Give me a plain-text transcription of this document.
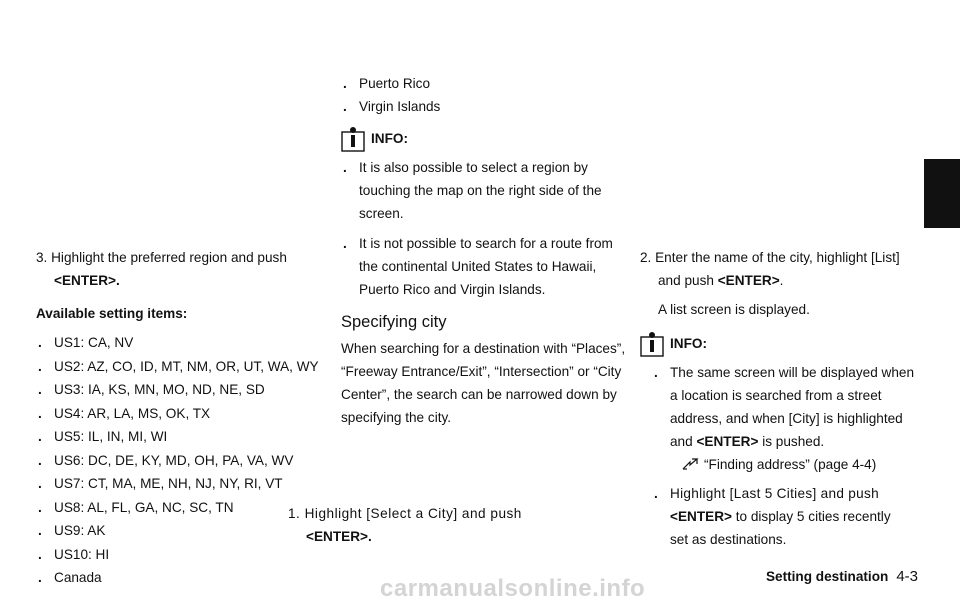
3. Highlight the preferred region and push

<ENTER>.

Available setting items:

. US1: CA, NV
. US2: AZ, CO, ID, MT, NM, OR, UT, WA, WY
. US3: IA, KS, MN, MO, ND, NE, SD
. US4: AR, LA, MS, OK, TX
. US5: IL, IN, MI, WI
. US6: DC, DE, KY, MD, OH, PA, VA, WV
. US7: CT, MA, ME, NH, NJ, NY, RI, VT
. US8: AL, FL, GA, NC, SC, TN
. US9: AK
. US10: HI
. Canada
. Puerto Rico
. Virgin Islands
INFO:
. It is also possible to select a region by

touching the map on the right side of the

screen.

. It is not possible to search for a route from

the continental United States to Hawaii,

Puerto Rico and Virgin Islands.

Specifying city

When searching for a destination with “Places”,

“Freeway Entrance/Exit”, “Intersection” or “City

Center”, the search can be narrowed down by

specifying the city.

1. Highlight [Select a City] and push

<ENTER>.

2. Enter the name of the city, highlight [List]

and push <ENTER>.

A list screen is displayed.

INFO:
. The same screen will be displayed when

a location is searched from a street

address, and when [City] is highlighted

and <ENTER> is pushed.

“Finding address” (page 4-4)

. Highlight [Last 5 Cities] and push

<ENTER> to display 5 cities recently

set as destinations.

Setting destination 4-3
carmanualsonline.info
